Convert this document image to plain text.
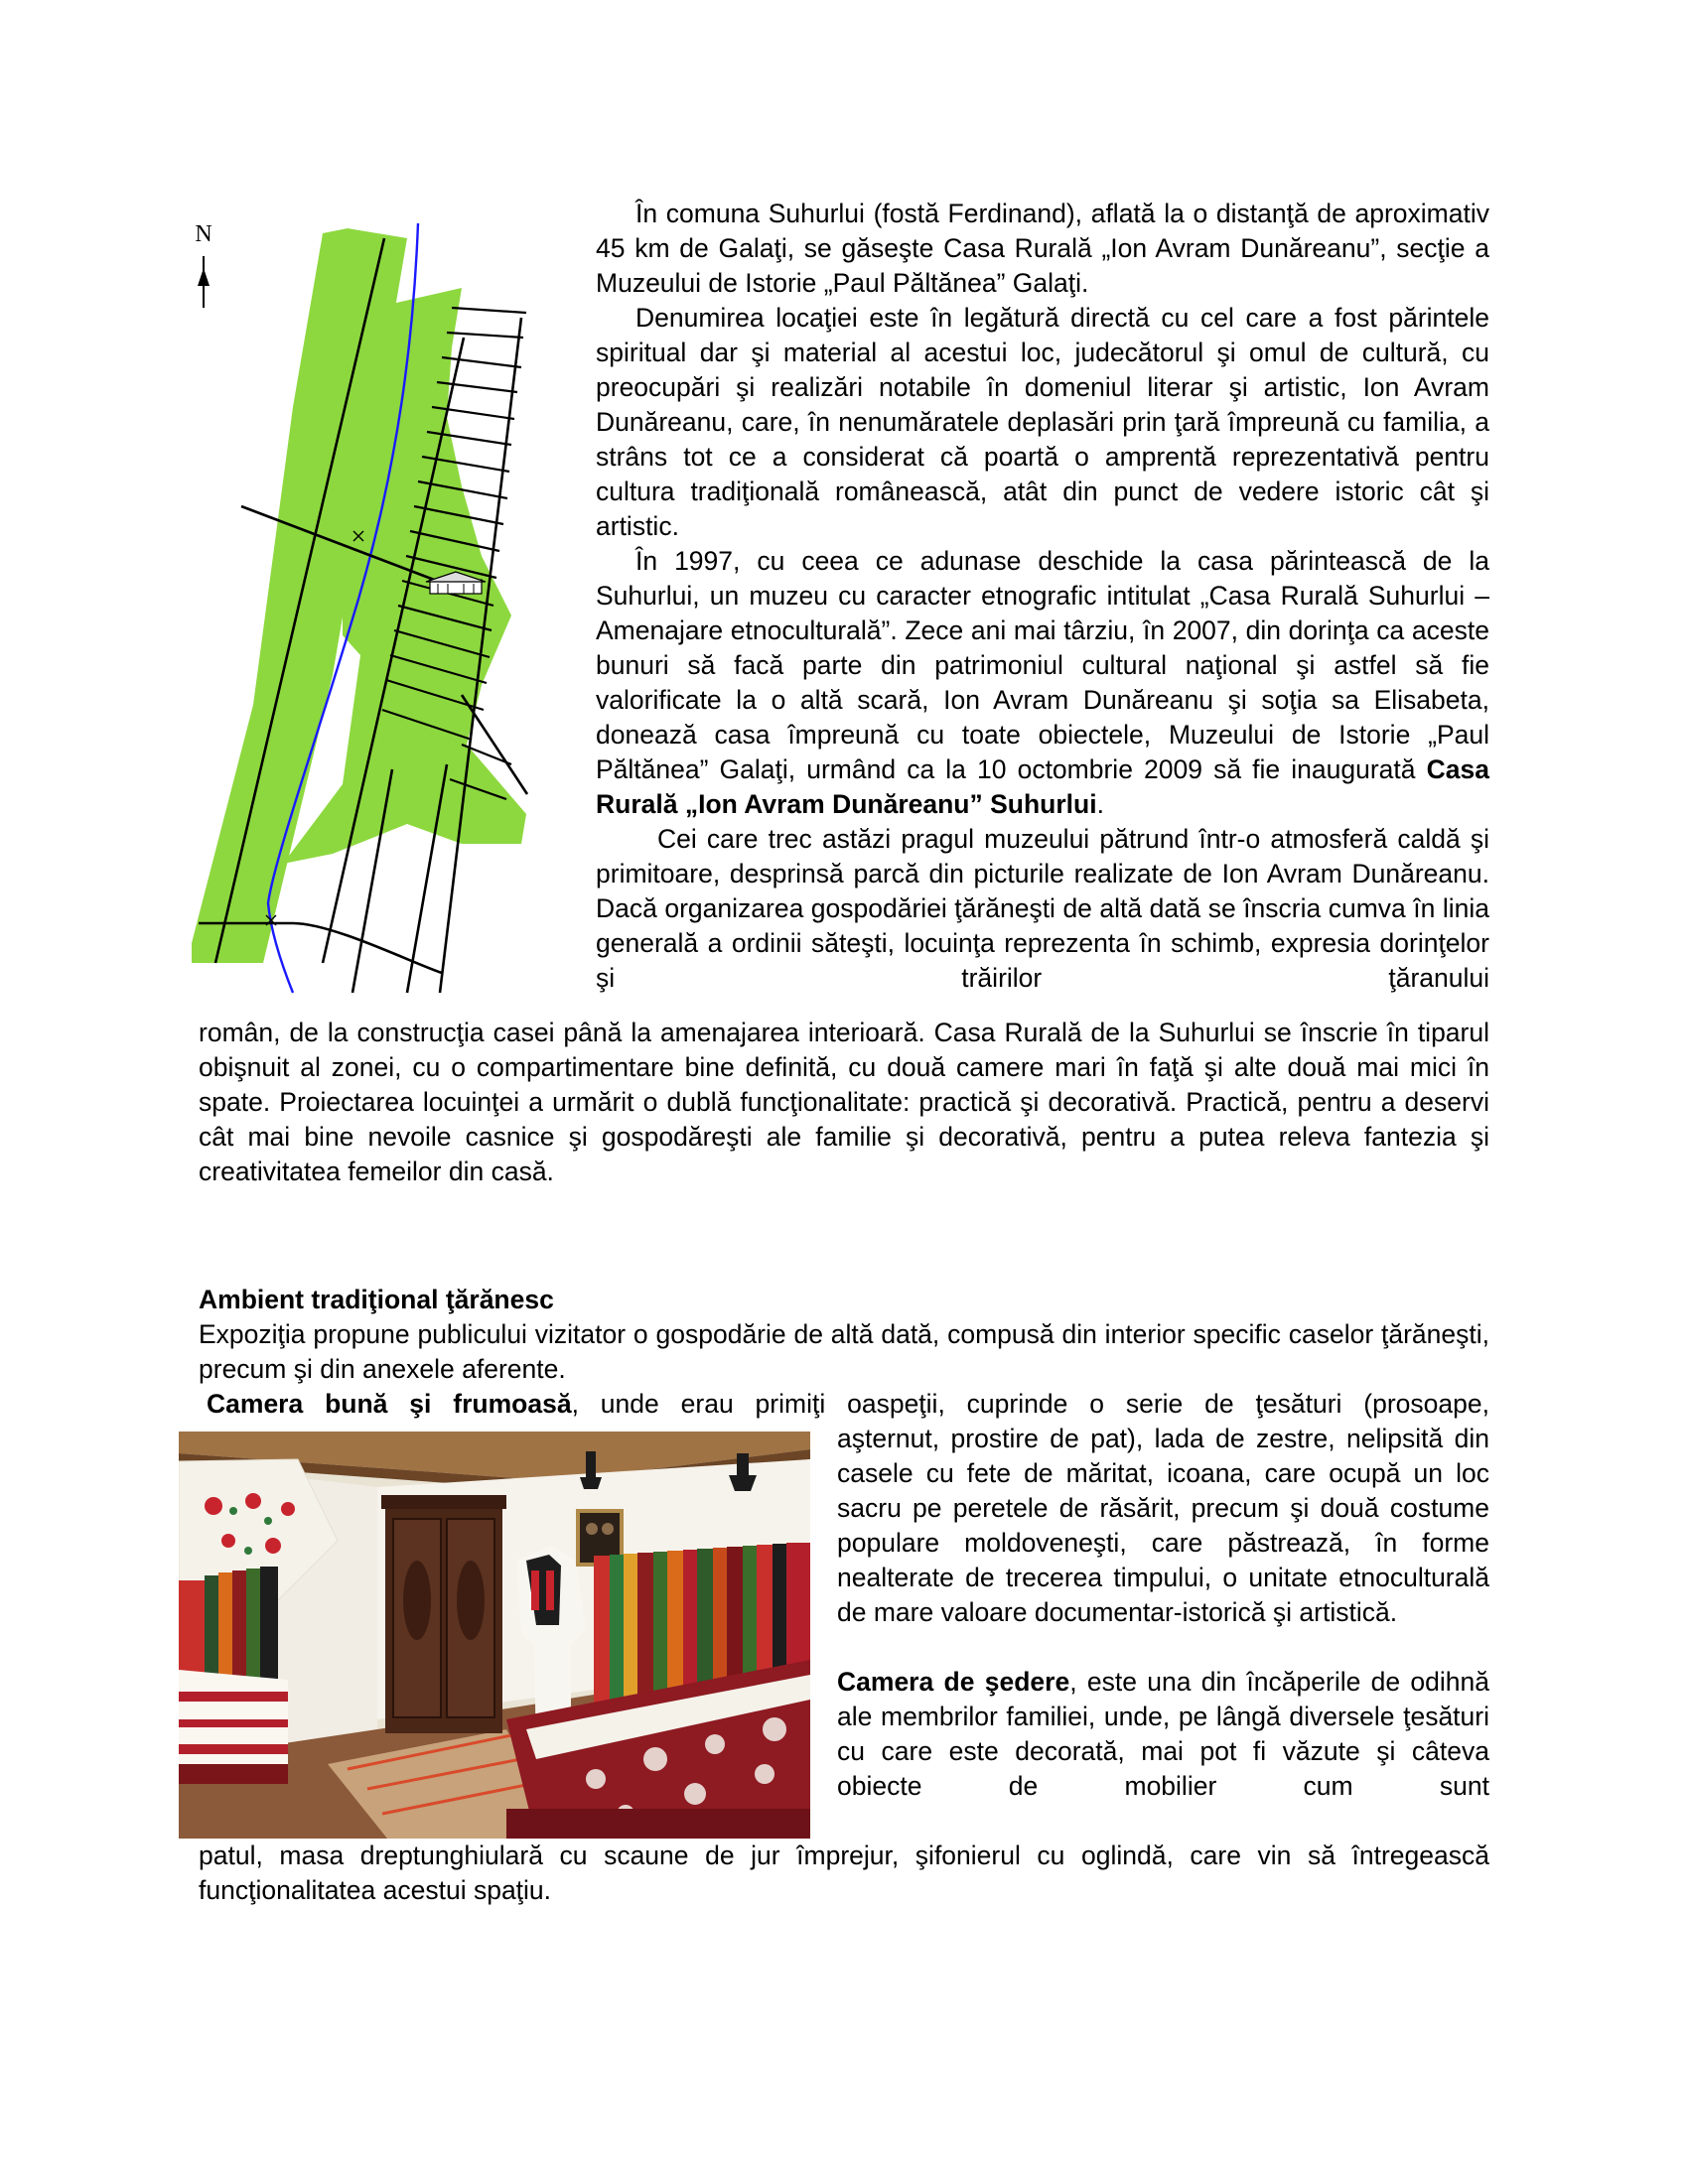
N

În comuna Suhurlui (fostă Ferdinand), aflată la o distanţă de aproximativ 45 km de Galaţi, se găseşte Casa Rurală „Ion Avram Dunăreanu”, secţie a Muzeului de Istorie „Paul Păltănea” Galaţi.

Denumirea locaţiei este în legătură directă cu cel care a fost părintele spiritual dar şi material al acestui loc, judecătorul şi omul de cultură, cu preocupări şi realizări notabile în domeniul literar şi artistic, Ion Avram Dunăreanu, care, în nenumăratele deplasări prin ţară împreună cu familia, a strâns tot ce a considerat că poartă o amprentă reprezentativă pentru cultura tradiţională românească, atât din punct de vedere istoric cât şi artistic.

În 1997, cu ceea ce adunase deschide la casa părintească de la Suhurlui, un muzeu cu caracter etnografic intitulat „Casa Rurală Suhurlui – Amenajare etnoculturală”. Zece ani mai târziu, în 2007, din dorinţa ca aceste bunuri să facă parte din patrimoniul cultural naţional şi astfel să fie valorificate la o altă scară, Ion Avram Dunăreanu şi soţia sa Elisabeta, donează casa împreună cu toate obiectele, Muzeului de Istorie „Paul Păltănea” Galaţi, urmând ca la 10 octombrie 2009 să fie inaugurată Casa Rurală „Ion Avram Dunăreanu” Suhurlui.

Cei care trec astăzi pragul muzeului pătrund într-o atmosferă caldă şi primitoare, desprinsă parcă din picturile realizate de Ion Avram Dunăreanu. Dacă organizarea gospodăriei ţărăneşti de altă dată se înscria cumva în linia generală a ordinii săteşti, locuinţa reprezenta în schimb, expresia dorinţelor şi trăirilor ţăranului

român, de la construcţia casei până la amenajarea interioară. Casa Rurală de la Suhurlui se înscrie în tiparul obişnuit al zonei, cu o compartimentare bine definită, cu două camere mari în faţă şi alte două mai mici în spate. Proiectarea locuinţei a urmărit o dublă funcţionalitate: practică şi decorativă. Practică, pentru a deservi cât mai bine nevoile casnice şi gospodăreşti ale familie şi decorativă, pentru a putea releva fantezia şi creativitatea femeilor din casă.

Ambient tradiţional ţărănesc

Expoziţia propune publicului vizitator o gospodărie de altă dată, compusă din interior specific caselor ţărăneşti, precum şi din anexele aferente.
Camera bună şi frumoasă, unde erau primiţi oaspeţii, cuprinde o serie de ţesături (prosoape,

aşternut, prostire de pat), lada de zestre, nelipsită din casele cu fete de măritat, icoana, care ocupă un loc sacru pe peretele de răsărit, precum şi două costume populare moldoveneşti, care păstrează, în forme nealterate de trecerea timpului, o unitate etnoculturală de mare valoare documentar-istorică şi artistică.

Camera de şedere, este una din încăperile de odihnă ale membrilor familiei, unde, pe lângă diversele ţesături cu care este decorată, mai pot fi văzute şi câteva obiecte de mobilier cum sunt

patul, masa dreptunghiulară cu scaune de jur împrejur, şifonierul cu oglindă, care vin să întregească funcţionalitatea acestui spaţiu.
